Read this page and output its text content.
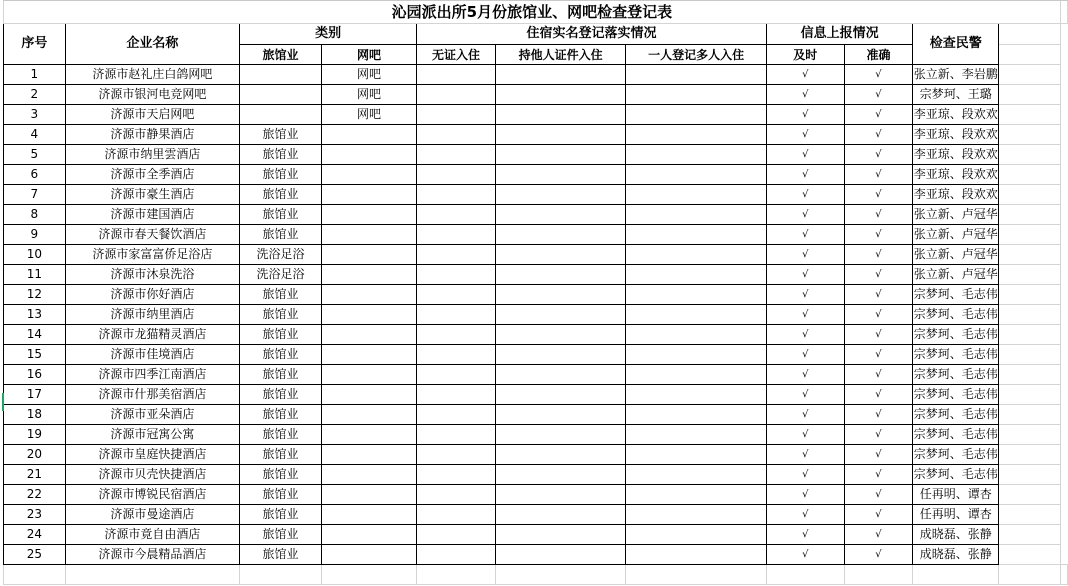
沁园派出所5月份旅馆业、网吧检查登记表											
序号	企业名称	类别		住宿实名登记落实情况			信息上报情况		检查民警		
		旅馆业	网吧	无证入住	持他人证件入住	一人登记多人入住	及时	准确			
1	济源市赵礼庄白鸽网吧		网吧				√	√	张立新、李岩鹏		
2	济源市银河电竞网吧		网吧				√	√	宗梦珂、王璐		
3	济源市天启网吧		网吧				√	√	李亚琼、段欢欢		
4	济源市静果酒店	旅馆业					√	√	李亚琼、段欢欢		
5	济源市纳里雲酒店	旅馆业					√	√	李亚琼、段欢欢		
6	济源市全季酒店	旅馆业					√	√	李亚琼、段欢欢		
7	济源市豪生酒店	旅馆业					√	√	李亚琼、段欢欢		
8	济源市建国酒店	旅馆业					√	√	张立新、卢冠华		
9	济源市春天餐饮酒店	旅馆业					√	√	张立新、卢冠华		
10	济源市家富富侨足浴店	洗浴足浴					√	√	张立新、卢冠华		
11	济源市沐泉洗浴	洗浴足浴					√	√	张立新、卢冠华		
12	济源市你好酒店	旅馆业					√	√	宗梦珂、毛志伟		
13	济源市纳里酒店	旅馆业					√	√	宗梦珂、毛志伟		
14	济源市龙猫精灵酒店	旅馆业					√	√	宗梦珂、毛志伟		
15	济源市佳境酒店	旅馆业					√	√	宗梦珂、毛志伟		
16	济源市四季江南酒店	旅馆业					√	√	宗梦珂、毛志伟		
17	济源市什那美宿酒店	旅馆业					√	√	宗梦珂、毛志伟		
18	济源市亚朵酒店	旅馆业					√	√	宗梦珂、毛志伟		
19	济源市冠寓公寓	旅馆业					√	√	宗梦珂、毛志伟		
20	济源市皇庭快捷酒店	旅馆业					√	√	宗梦珂、毛志伟		
21	济源市贝壳快捷酒店	旅馆业					√	√	宗梦珂、毛志伟		
22	济源市博锐民宿酒店	旅馆业					√	√	任再明、谭杏		
23	济源市曼途酒店	旅馆业					√	√	任再明、谭杏		
24	济源市竟自由酒店	旅馆业					√	√	成晓磊、张静		
25	济源市今晨精品酒店	旅馆业					√	√	成晓磊、张静		
